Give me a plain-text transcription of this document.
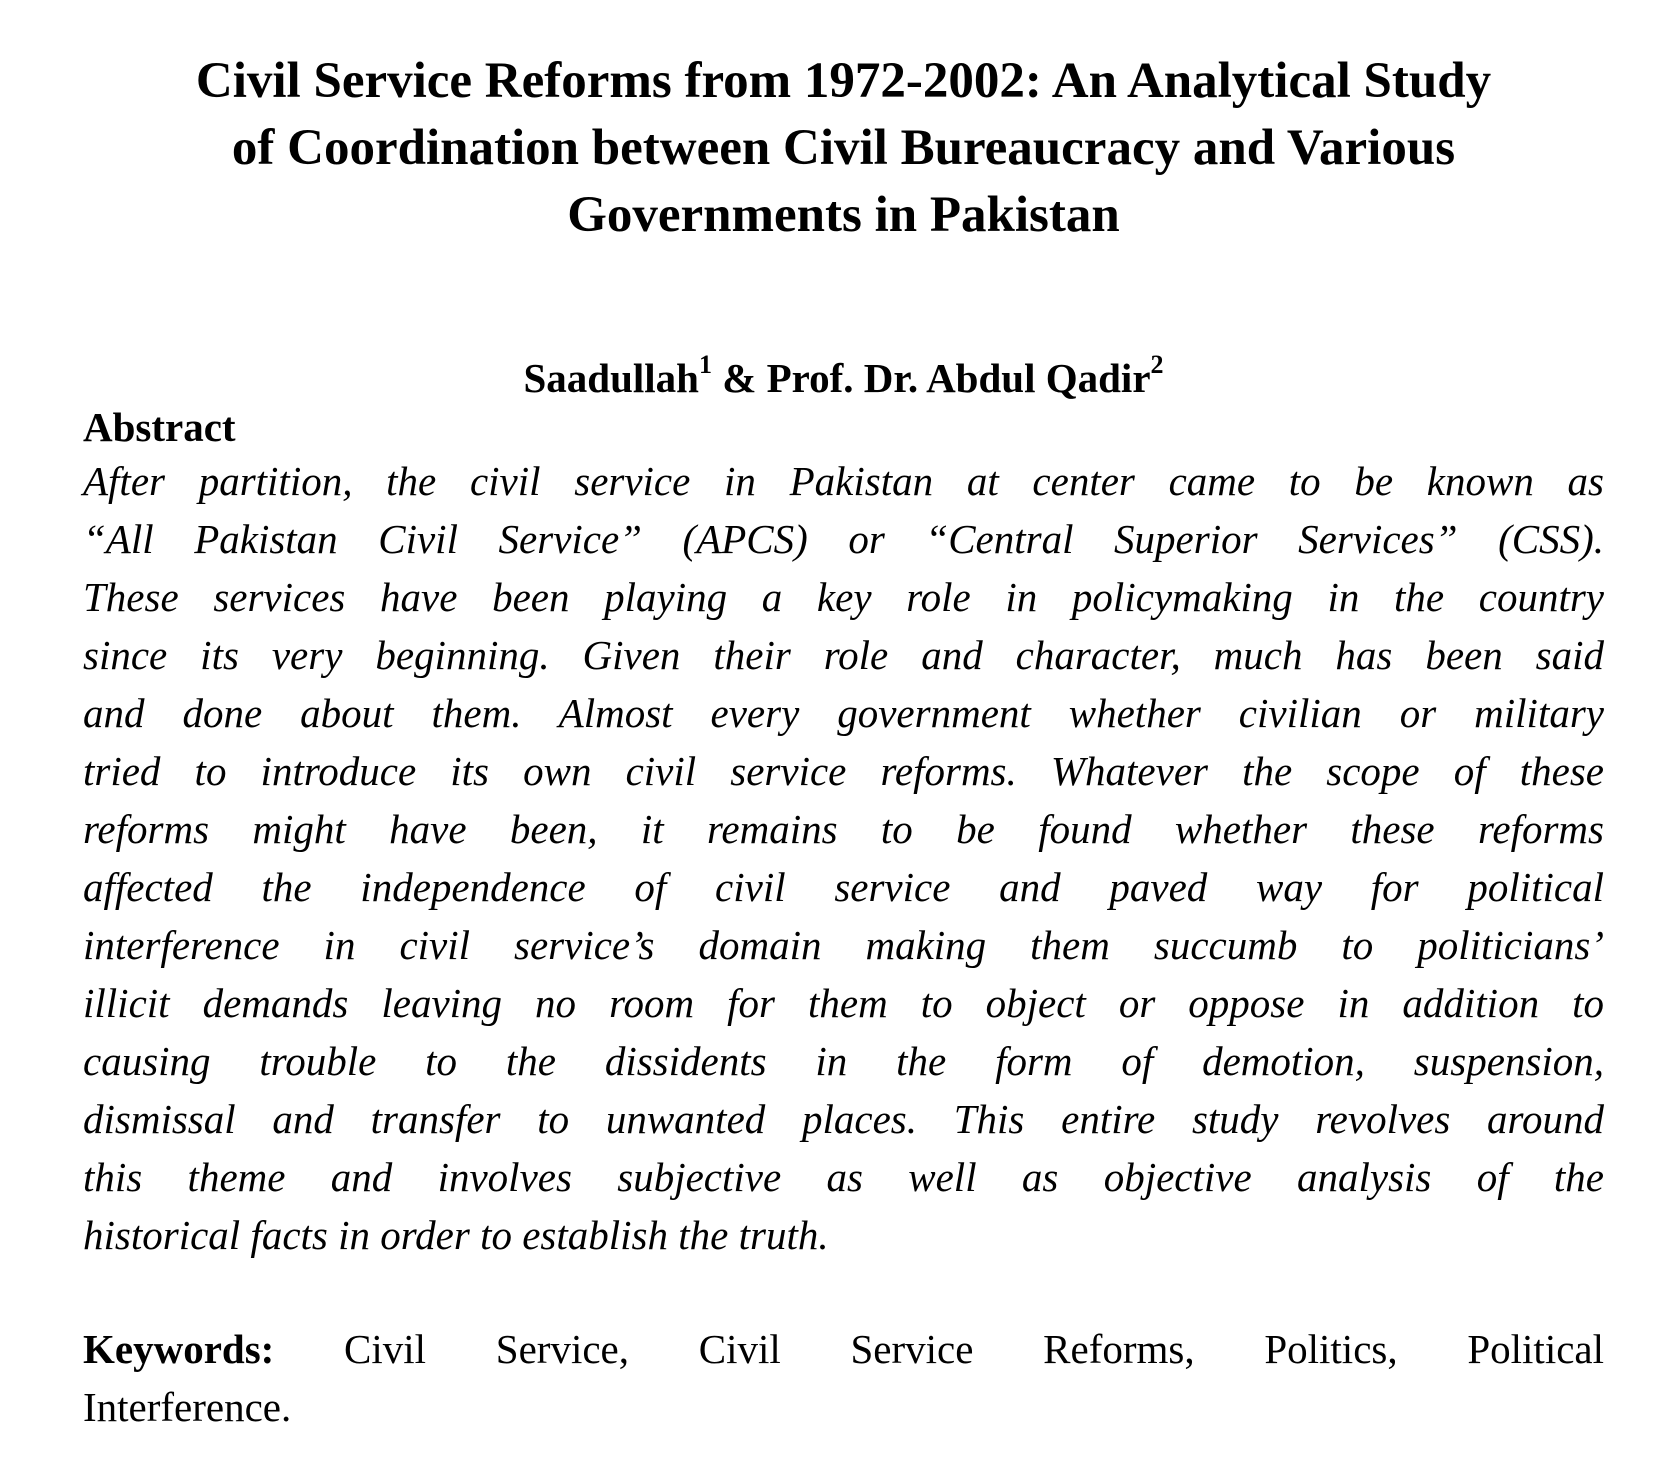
Civil Service Reforms from 1972-2002: An Analytical Study
of Coordination between Civil Bureaucracy and Various
Governments in Pakistan
Saadullah$^1$ & Prof. Dr. Abdul Qadir$^2$
Abstract

After partition, the civil service in Pakistan at center came to be known as
“All Pakistan Civil Service” (APCS) or “Central Superior Services” (CSS).
These services have been playing a key role in policymaking in the country
since its very beginning. Given their role and character, much has been said
and done about them. Almost every government whether civilian or military
tried to introduce its own civil service reforms. Whatever the scope of these
reforms might have been, it remains to be found whether these reforms
affected the independence of civil service and paved way for political
interference in civil service’s domain making them succumb to politicians’
illicit demands leaving no room for them to object or oppose in addition to
causing trouble to the dissidents in the form of demotion, suspension,
dismissal and transfer to unwanted places. This entire study revolves around
this theme and involves subjective as well as objective analysis of the
historical facts in order to establish the truth.

Keywords: Civil Service, Civil Service Reforms, Politics, Political
Interference.
